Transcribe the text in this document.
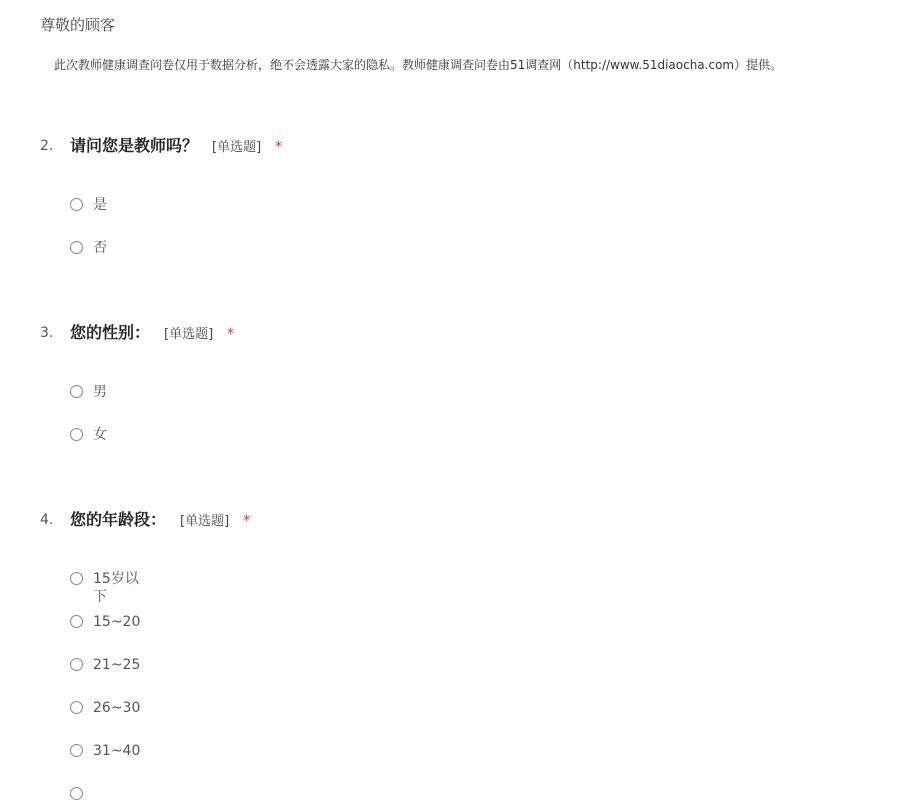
尊敬的顾客
此次教师健康调查问卷仅用于数据分析，绝不会透露大家的隐私。教师健康调查问卷由51调查网（http://www.51diaocha.com）提供。
2. 请问您是教师吗？ [单选题] *
是
否
3. 您的性别： [单选题] *
男
女
4. 您的年龄段： [单选题] *
15岁以下
15~20
21~25
26~30
31~40
